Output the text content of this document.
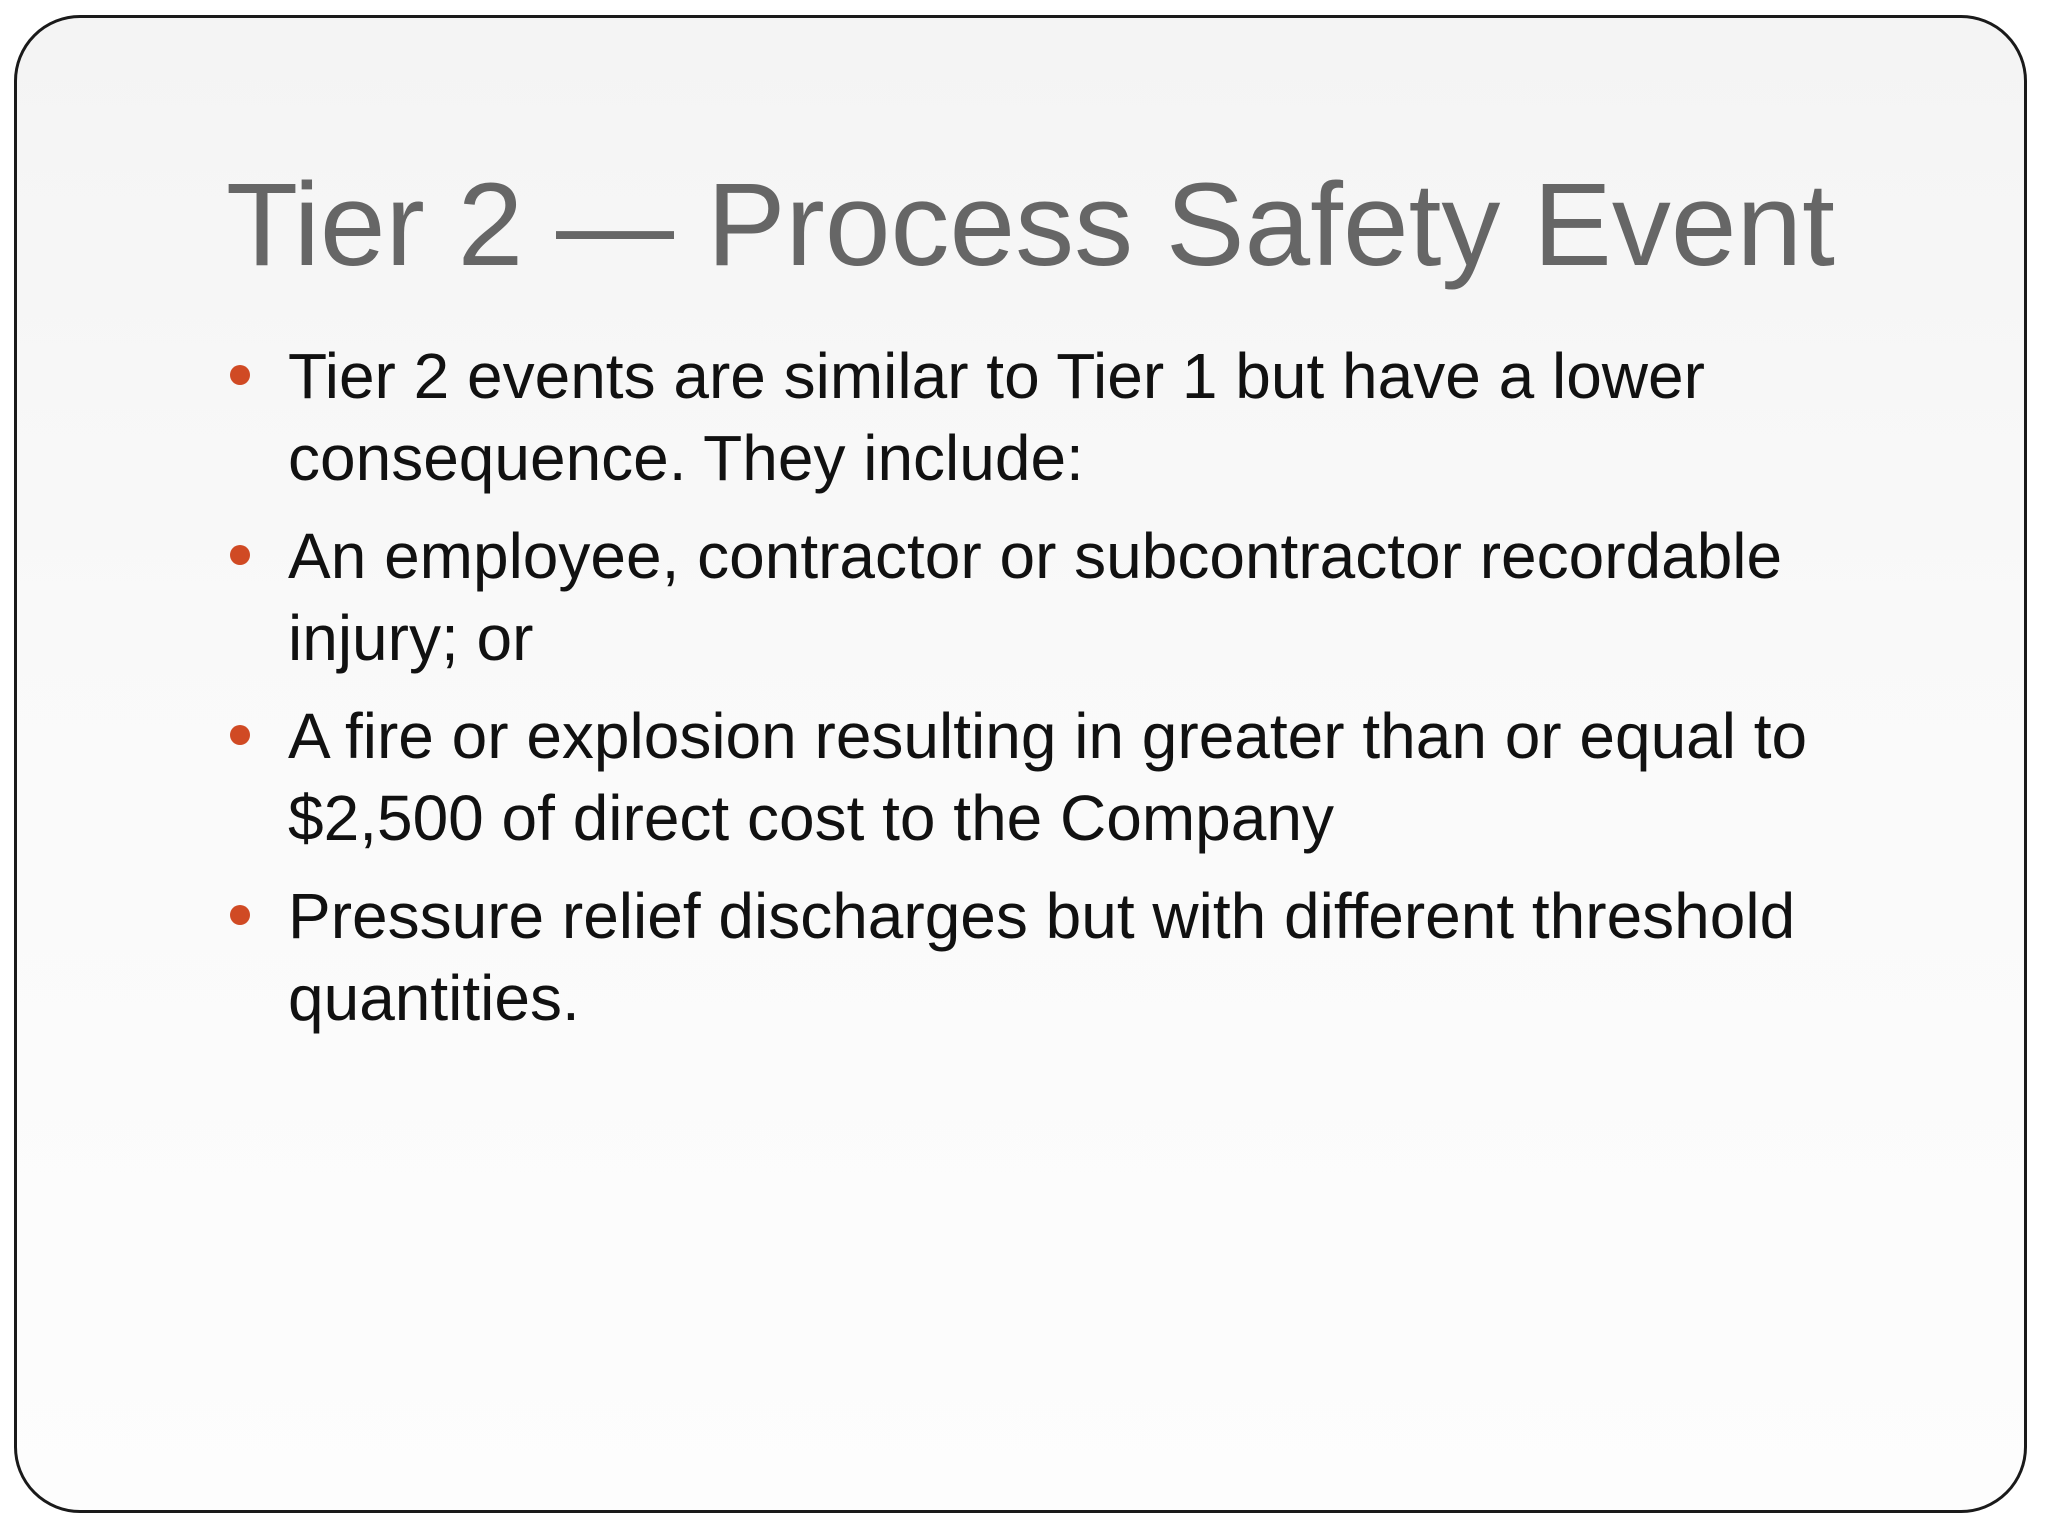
Tier 2 — Process Safety Event
Tier 2 events are similar to Tier 1 but have a lower consequence. They include:
An employee, contractor or subcontractor recordable injury; or
A fire or explosion resulting in greater than or equal to $2,500 of direct cost to the Company
Pressure relief discharges but with different threshold quantities.
